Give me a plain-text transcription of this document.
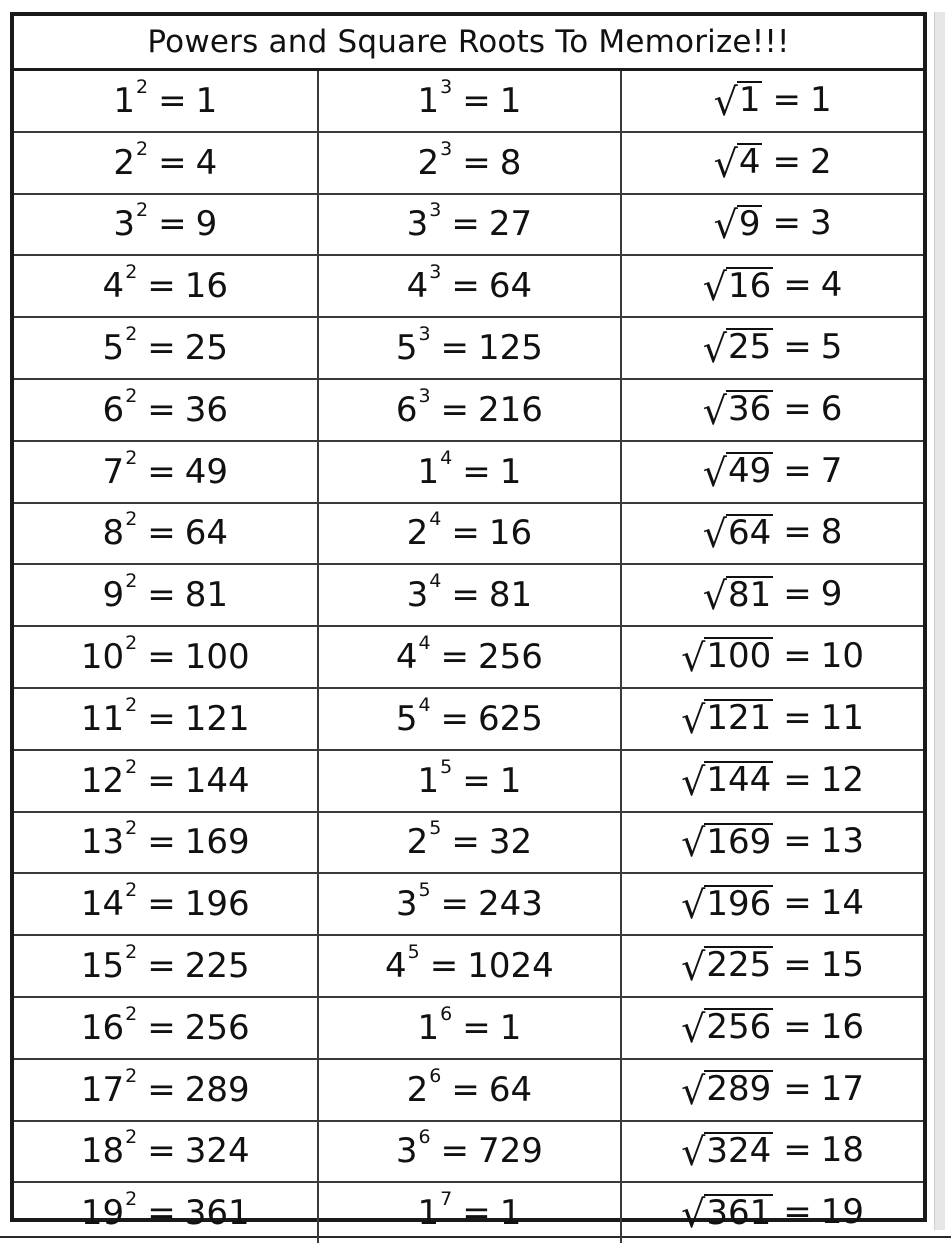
Powers and Square Roots To Memorize!!!
1 2 = 1	1 3 = 1	√ 1 = 1

2 2 = 4	2 3 = 8	√ 4 = 2

3 2 = 9	3 3 = 27	√ 9 = 3

4 2 = 16	4 3 = 64	√ 16 = 4

5 2 = 25	5 3 = 125	√ 25 = 5

6 2 = 36	6 3 = 216	√ 36 = 6

7 2 = 49	1 4 = 1	√ 49 = 7

8 2 = 64	2 4 = 16	√ 64 = 8

9 2 = 81	3 4 = 81	√ 81 = 9

10 2 = 100	4 4 = 256	√ 100 = 10

11 2 = 121	5 4 = 625	√ 121 = 11

12 2 = 144	1 5 = 1	√ 144 = 12

13 2 = 169	2 5 = 32	√ 169 = 13

14 2 = 196	3 5 = 243	√ 196 = 14

15 2 = 225	4 5 = 1024	√ 225 = 15

16 2 = 256	1 6 = 1	√ 256 = 16

17 2 = 289	2 6 = 64	√ 289 = 17

18 2 = 324	3 6 = 729	√ 324 = 18

19 2 = 361	1 7 = 1	√ 361 = 19
